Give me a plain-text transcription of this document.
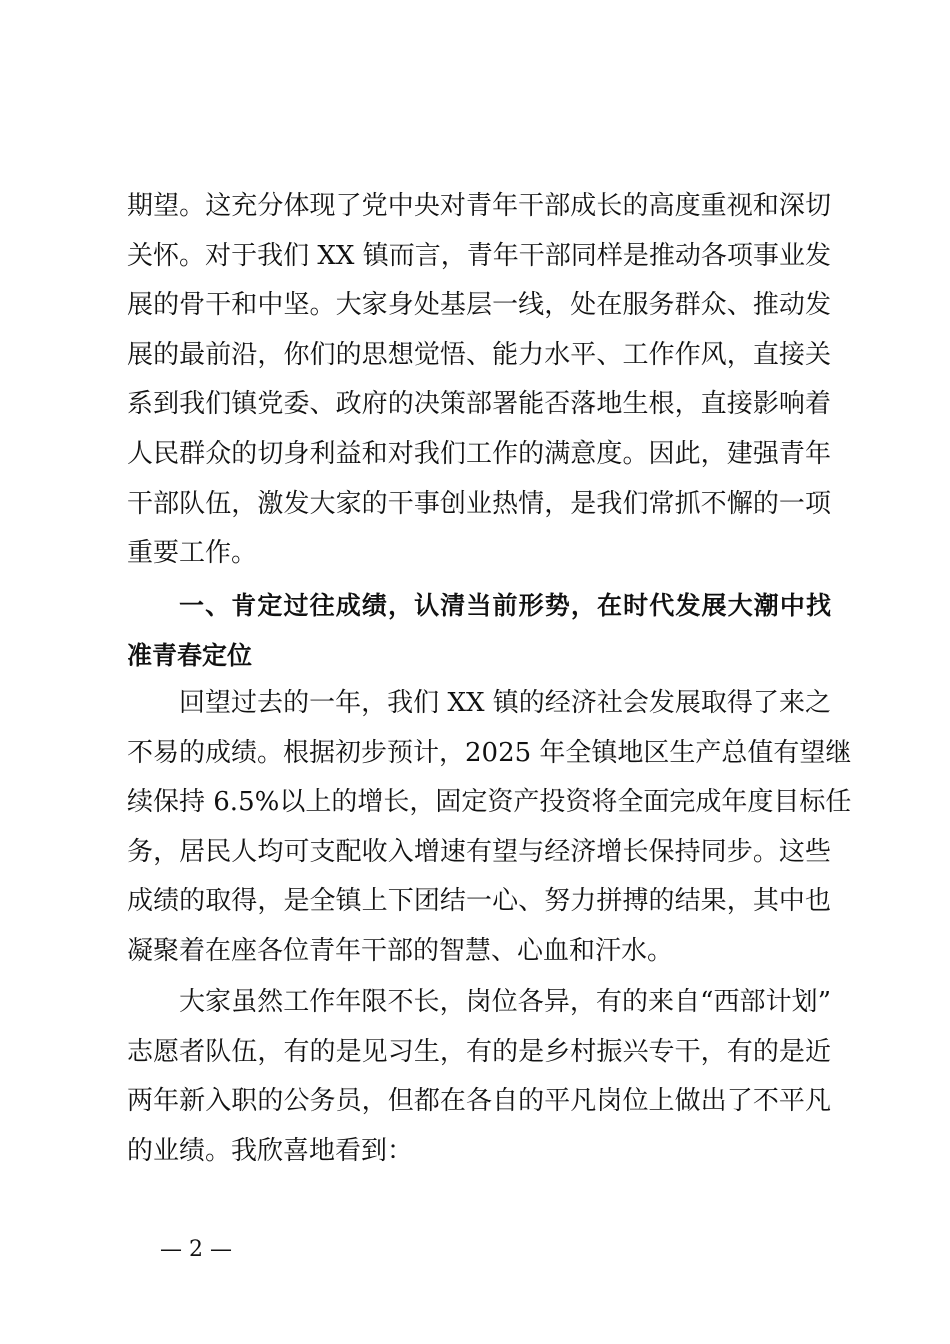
期望。这充分体现了党中央对青年干部成长的高度重视和深切
关怀。对于我们 XX 镇而言，青年干部同样是推动各项事业发
展的骨干和中坚。大家身处基层一线，处在服务群众、推动发
展的最前沿，你们的思想觉悟、能力水平、工作作风，直接关
系到我们镇党委、政府的决策部署能否落地生根，直接影响着
人民群众的切身利益和对我们工作的满意度。因此，建强青年
干部队伍，激发大家的干事创业热情，是我们常抓不懈的一项
重要工作。
一、肯定过往成绩，认清当前形势，在时代发展大潮中找
准青春定位
回望过去的一年，我们 XX 镇的经济社会发展取得了来之
不易的成绩。根据初步预计，2025 年全镇地区生产总值有望继
续保持 6.5%以上的增长，固定资产投资将全面完成年度目标任
务，居民人均可支配收入增速有望与经济增长保持同步。这些
成绩的取得，是全镇上下团结一心、努力拼搏的结果，其中也
凝聚着在座各位青年干部的智慧、心血和汗水。
大家虽然工作年限不长，岗位各异，有的来自“西部计划”
志愿者队伍，有的是见习生，有的是乡村振兴专干，有的是近
两年新入职的公务员，但都在各自的平凡岗位上做出了不平凡
的业绩。我欣喜地看到：
— 2 —
